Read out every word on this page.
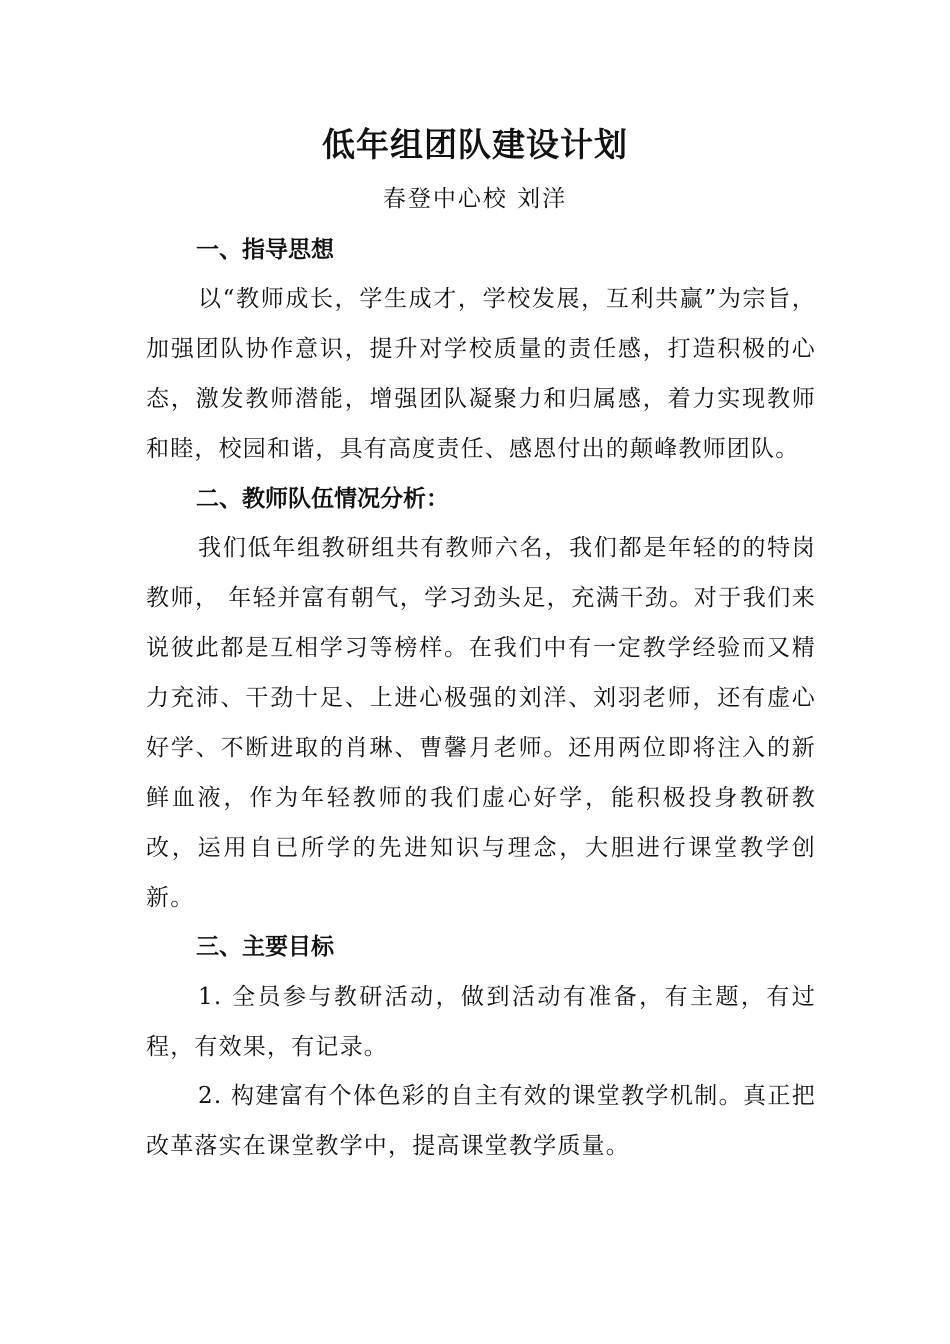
低年组团队建设计划
春登中心校 刘洋
一、指导思想

以“教师成长，学生成才，学校发展，互利共赢”为宗旨，加强团队协作意识，提升对学校质量的责任感，打造积极的心态，激发教师潜能，增强团队凝聚力和归属感，着力实现教师和睦，校园和谐，具有高度责任、感恩付出的颠峰教师团队。

二、教师队伍情况分析：

我们低年组教研组共有教师六名，我们都是年轻的的特岗教师， 年轻并富有朝气，学习劲头足，充满干劲。对于我们来说彼此都是互相学习等榜样。在我们中有一定教学经验而又精力充沛、干劲十足、上进心极强的刘洋、刘羽老师，还有虚心好学、不断进取的肖琳、曹馨月老师。还用两位即将注入的新鲜血液，作为年轻教师的我们虚心好学，能积极投身教研教改，运用自已所学的先进知识与理念，大胆进行课堂教学创新。

三、主要目标

1. 全员参与教研活动，做到活动有准备，有主题，有过程，有效果，有记录。

2. 构建富有个体色彩的自主有效的课堂教学机制。真正把改革落实在课堂教学中，提高课堂教学质量。
